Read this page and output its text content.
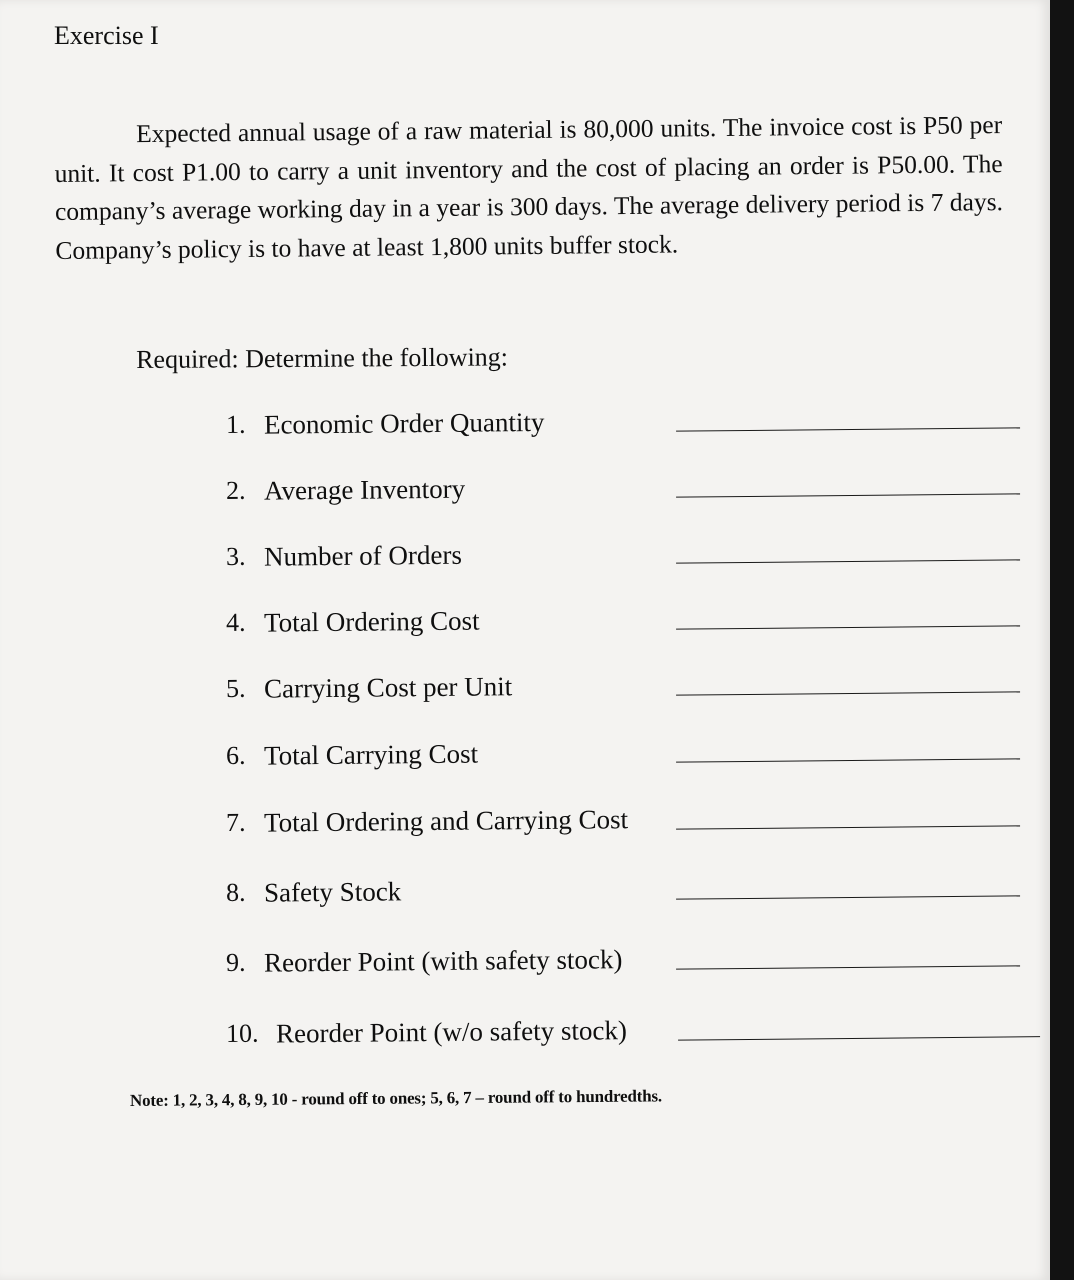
Exercise I

Expected annual usage of a raw material is 80,000 units. The invoice cost is P50 per unit. It cost P1.00 to carry a unit inventory and the cost of placing an order is P50.00. The company’s average working day in a year is 300 days. The average delivery period is 7 days. Company’s policy is to have at least 1,800 units buffer stock.

Required: Determine the following:

1. Economic Order Quantity
2. Average Inventory
3. Number of Orders
4. Total Ordering Cost
5. Carrying Cost per Unit
6. Total Carrying Cost
7. Total Ordering and Carrying Cost
8. Safety Stock
9. Reorder Point (with safety stock)
10. Reorder Point (w/o safety stock)

Note: 1, 2, 3, 4, 8, 9, 10 - round off to ones; 5, 6, 7 – round off to hundredths.
